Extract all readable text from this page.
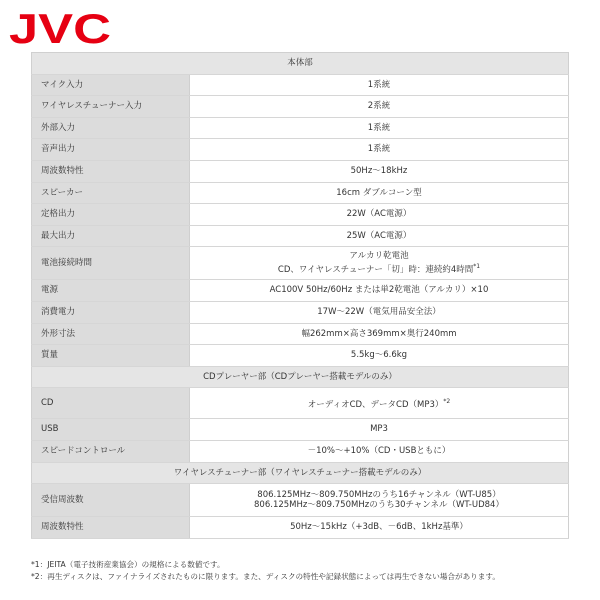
JVC
本体部	
マイク入力	1系統
ワイヤレスチューナー入力	2系統
外部入力	1系統
音声出力	1系統
周波数特性	50Hz～18kHz
スピーカー	16cm ダブルコーン型
定格出力	22W（AC電源）
最大出力	25W（AC電源）
電池接続時間	アルカリ乾電池
CD、ワイヤレスチューナー「切」時：連続約4時間$^{*1}$

電源	AC100V 50Hz/60Hz または単2乾電池（アルカリ）×10
消費電力	17W～22W（電気用品安全法）
外形寸法	幅262mm×高さ369mm×奥行240mm
質量	5.5kg～6.6kg
CDプレーヤー部（CDプレーヤー搭載モデルのみ）	
CD	オーディオCD、データ$CD(MP3)^{*2}$
USB	MP3
スピードコントロール	－10%～+10%（CD・USBともに）
ワイヤレスチューナー部（ワイヤレスチューナー搭載モデルのみ）	
受信周波数	806.125MHz～809.750MHzのうち16チャンネル（WT-U85）
806.125MHz～809.750MHzのうち30チャンネル（WT-UD84）

周波数特性	50Hz～15kHz（+3dB、－6dB、1kHz基準）
*1：JEITA（電子技術産業協会）の規格による数値です。
*2：再生ディスクは、ファイナライズされたものに限ります。また、ディスクの特性や記録状態によっては再生できない場合があります。
